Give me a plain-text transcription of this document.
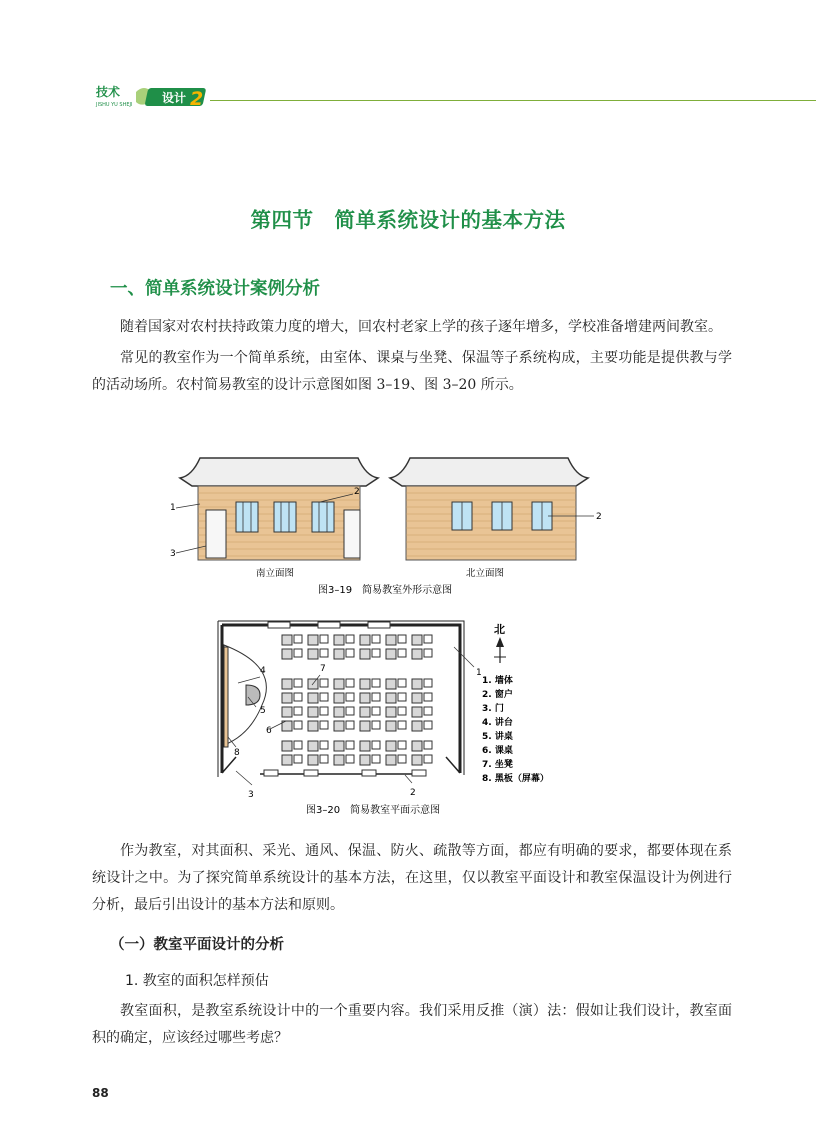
技术
JISHU YU SHEJI 设计 2
第四节　简单系统设计的基本方法
一、简单系统设计案例分析

随着国家对农村扶持政策力度的增大，回农村老家上学的孩子逐年增多，学校准备增建两间教室。

常见的教室作为一个简单系统，由室体、课桌与坐凳、保温等子系统构成，主要功能是提供教与学的活动场所。农村简易教室的设计示意图如图 3–19、图 3–20 所示。

1
2
3
南立面图
2
北立面图
图3–19　简易教室外形示意图
1
2
3
4
5
6
7
8
北
1. 墙体
2. 窗户
3. 门
4. 讲台
5. 讲桌
6. 课桌
7. 坐凳
8. 黑板（屏幕）
图3–20　简易教室平面示意图

作为教室，对其面积、采光、通风、保温、防火、疏散等方面，都应有明确的要求，都要体现在系统设计之中。为了探究简单系统设计的基本方法，在这里，仅以教室平面设计和教室保温设计为例进行分析，最后引出设计的基本方法和原则。

（一）教室平面设计的分析
1. 教室的面积怎样预估

教室面积，是教室系统设计中的一个重要内容。我们采用反推（演）法：假如让我们设计，教室面积的确定，应该经过哪些考虑？

88
